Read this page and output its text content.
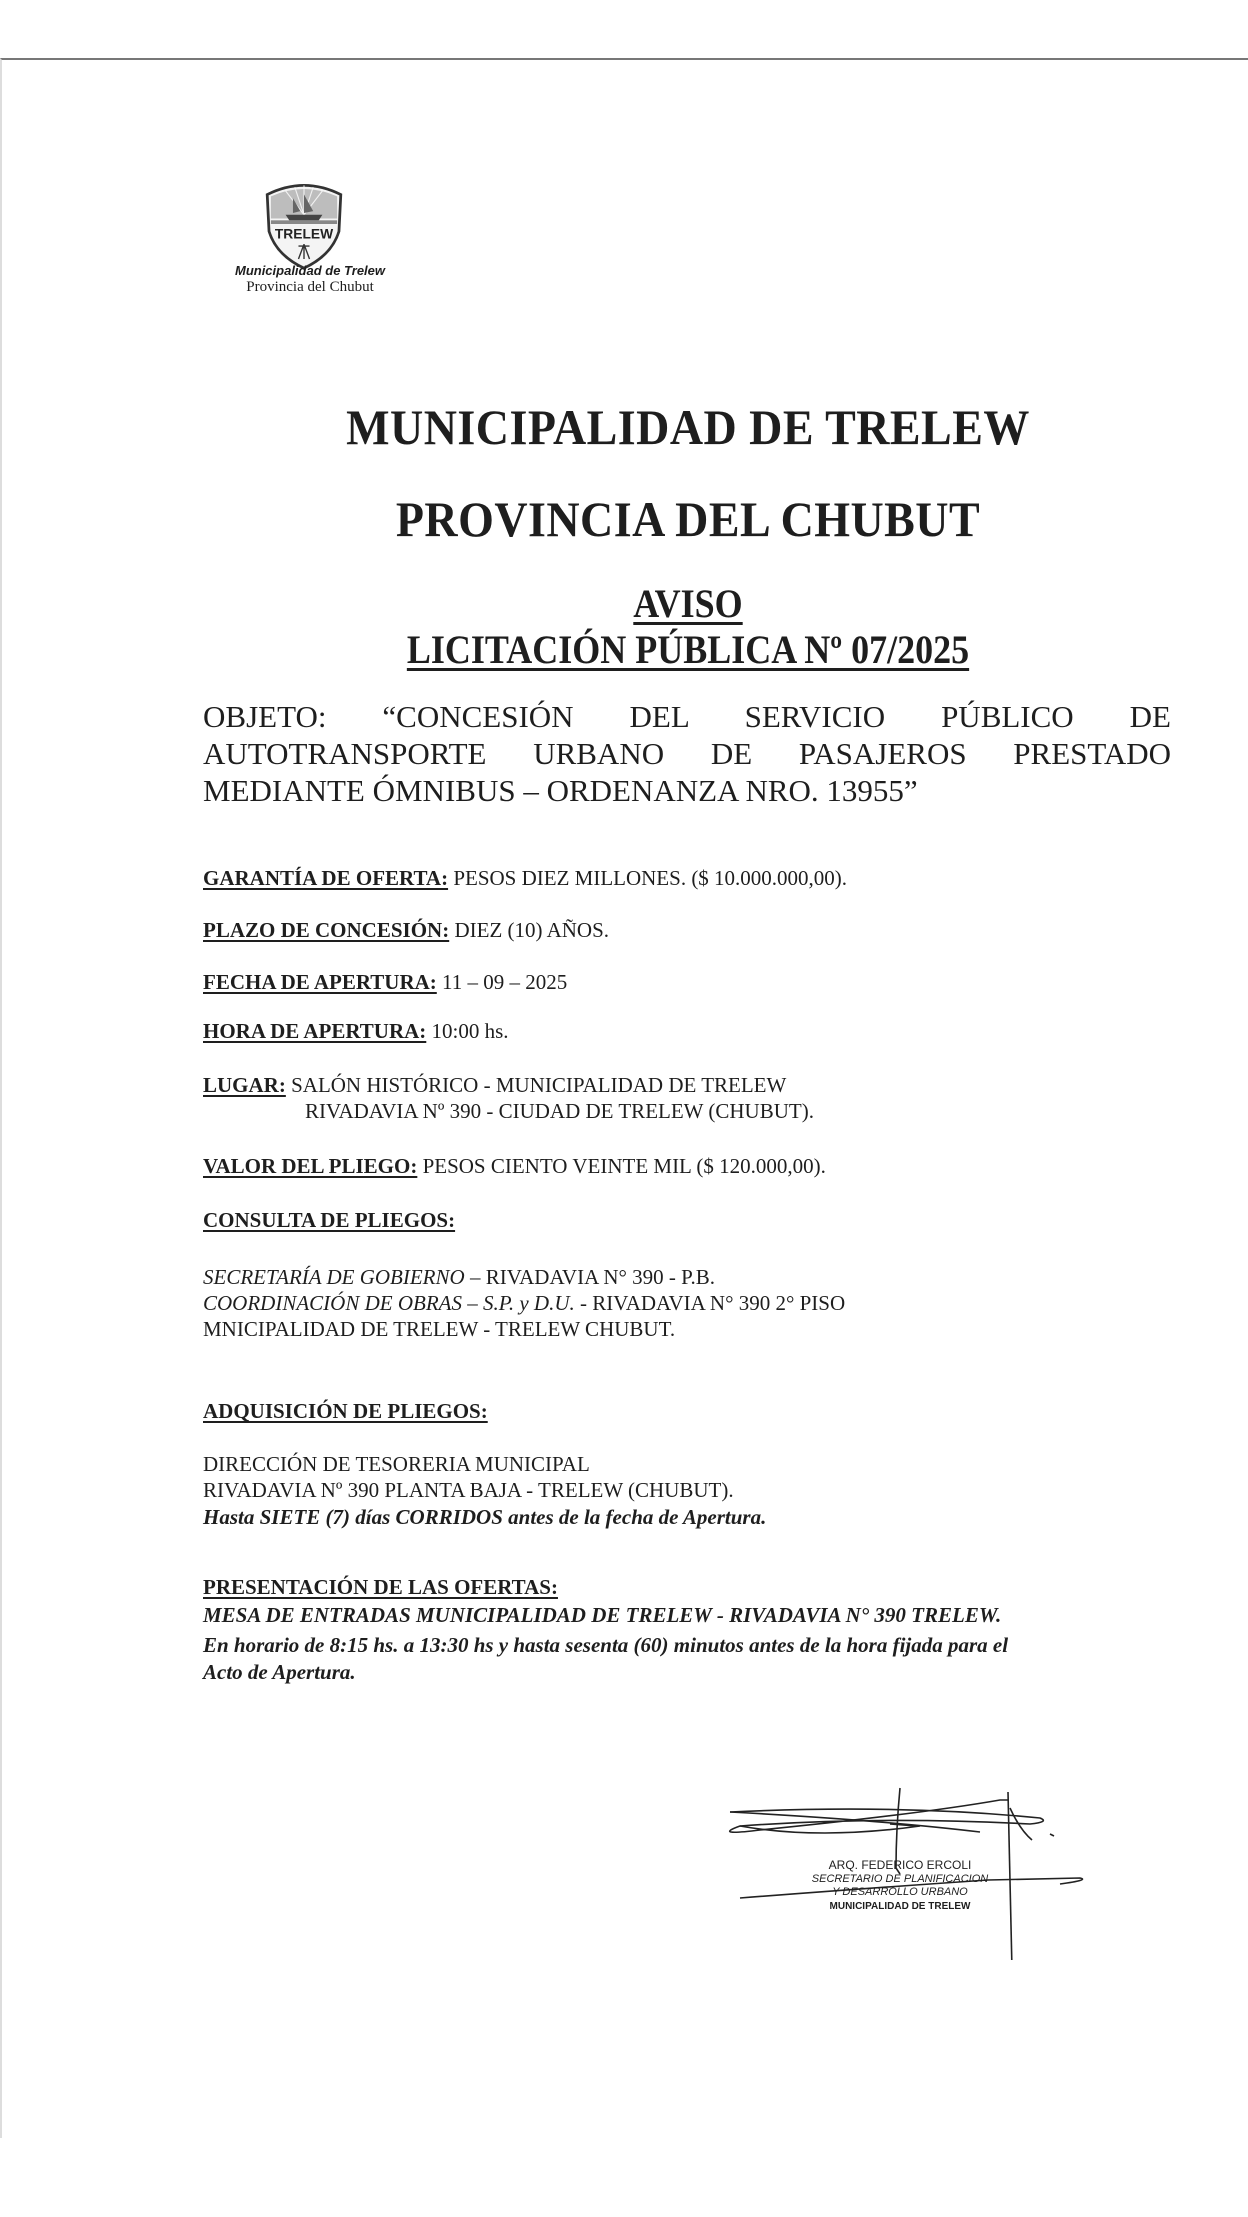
TRELEW
Municipalidad de Trelew
Provincia del Chubut
MUNICIPALIDAD DE TRELEW
PROVINCIA DEL CHUBUT
AVISO
LICITACIÓN PÚBLICA Nº 07/2025
OBJETO: “CONCESIÓN DEL SERVICIO PÚBLICO DE AUTOTRANSPORTE URBANO DE PASAJEROS PRESTADO MEDIANTE ÓMNIBUS – ORDENANZA NRO. 13955”
GARANTÍA DE OFERTA: PESOS DIEZ MILLONES. ($ 10.000.000,00).
PLAZO DE CONCESIÓN: DIEZ (10) AÑOS.
FECHA DE APERTURA: 11 – 09 – 2025
HORA DE APERTURA: 10:00 hs.
LUGAR: SALÓN HISTÓRICO - MUNICIPALIDAD DE TRELEW
RIVADAVIA Nº 390 - CIUDAD DE TRELEW (CHUBUT).
VALOR DEL PLIEGO: PESOS CIENTO VEINTE MIL ($ 120.000,00).
CONSULTA DE PLIEGOS:
SECRETARÍA DE GOBIERNO – RIVADAVIA N° 390 - P.B.
COORDINACIÓN DE OBRAS – S.P. y D.U. - RIVADAVIA N° 390 2° PISO
MNICIPALIDAD DE TRELEW - TRELEW CHUBUT.
ADQUISICIÓN DE PLIEGOS:
DIRECCIÓN DE TESORERIA MUNICIPAL
RIVADAVIA Nº 390 PLANTA BAJA - TRELEW (CHUBUT).
Hasta SIETE (7) días CORRIDOS antes de la fecha de Apertura.
PRESENTACIÓN DE LAS OFERTAS:
MESA DE ENTRADAS MUNICIPALIDAD DE TRELEW - RIVADAVIA N° 390 TRELEW.
En horario de 8:15 hs. a 13:30 hs y hasta sesenta (60) minutos antes de la hora fijada para el
Acto de Apertura.
ARQ. FEDERICO ERCOLI
SECRETARIO DE PLANIFICACION
Y DESARROLLO URBANO
MUNICIPALIDAD DE TRELEW
